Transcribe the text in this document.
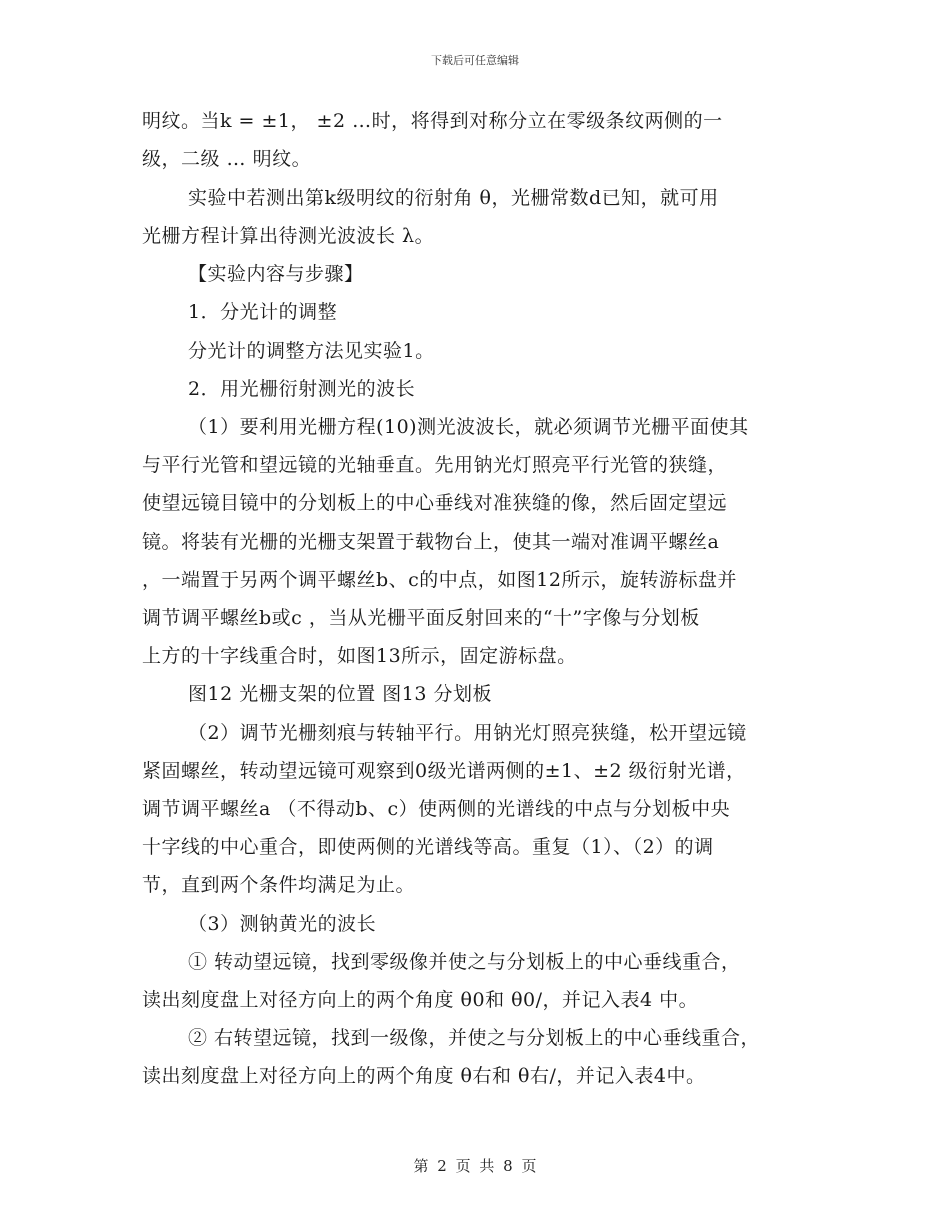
下载后可任意编辑
明纹。当k = ±1， ±2 …时，将得到对称分立在零级条纹两侧的一
级，二级 … 明纹。
实验中若测出第k级明纹的衍射角 θ，光栅常数d已知，就可用
光栅方程计算出待测光波波长 λ。
【实验内容与步骤】
1．分光计的调整
分光计的调整方法见实验1。
2．用光栅衍射测光的波长
（1）要利用光栅方程(10)测光波波长，就必须调节光栅平面使其
与平行光管和望远镜的光轴垂直。先用钠光灯照亮平行光管的狭缝，
使望远镜目镜中的分划板上的中心垂线对准狭缝的像，然后固定望远
镜。将装有光栅的光栅支架置于载物台上，使其一端对准调平螺丝a
，一端置于另两个调平螺丝b、c的中点，如图12所示，旋转游标盘并
调节调平螺丝b或c ，当从光栅平面反射回来的“十”字像与分划板
上方的十字线重合时，如图13所示，固定游标盘。
图12 光栅支架的位置 图13 分划板
（2）调节光栅刻痕与转轴平行。用钠光灯照亮狭缝，松开望远镜
紧固螺丝，转动望远镜可观察到0级光谱两侧的±1、±2 级衍射光谱，
调节调平螺丝a （不得动b、c）使两侧的光谱线的中点与分划板中央
十字线的中心重合，即使两侧的光谱线等高。重复（1）、（2）的调
节，直到两个条件均满足为止。
（3）测钠黄光的波长
① 转动望远镜，找到零级像并使之与分划板上的中心垂线重合，
读出刻度盘上对径方向上的两个角度 θ0和 θ0/，并记入表4 中。
② 右转望远镜，找到一级像，并使之与分划板上的中心垂线重合，
读出刻度盘上对径方向上的两个角度 θ右和 θ右/，并记入表4中。
第 2 页 共 8 页
